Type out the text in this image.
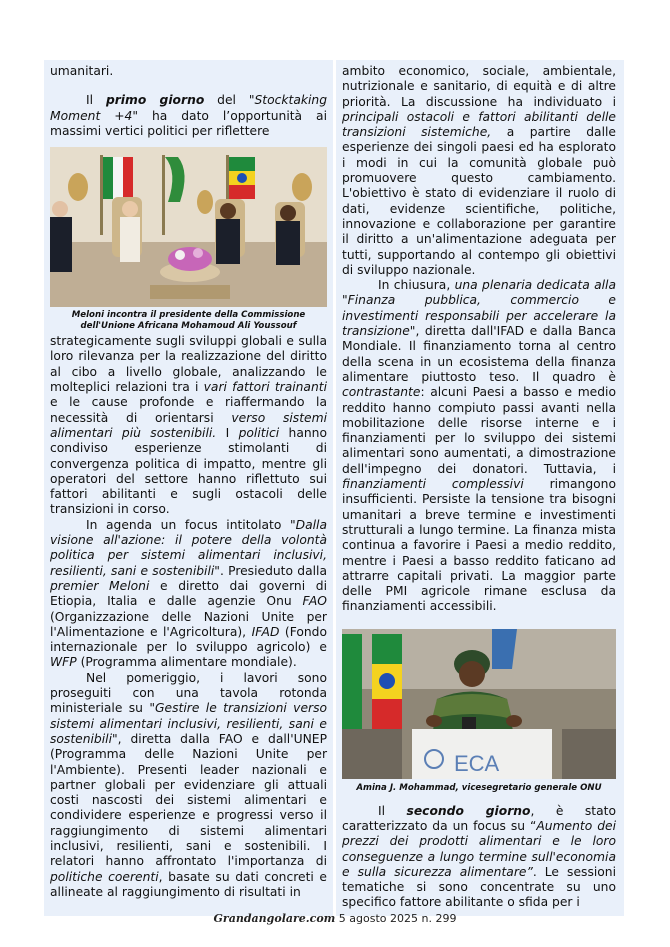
umanitari.

Il primo giorno del "Stocktaking Moment +4" ha dato l’opportunità ai massimi vertici politici per riflettere

Meloni incontra il presidente della Commissione dell'Unione Africana Mohamoud Ali Youssouf

strategicamente sugli sviluppi globali e sulla loro rilevanza per la realizzazione del diritto al cibo a livello globale, analizzando le molteplici relazioni tra i vari fattori trainanti e le cause profonde e riaffermando la necessità di orientarsi verso sistemi alimentari più sostenibili. I politici hanno condiviso esperienze stimolanti di convergenza politica di impatto, mentre gli operatori del settore hanno riflettuto sui fattori abilitanti e sugli ostacoli delle transizioni in corso.

In agenda un focus intitolato "Dalla visione all'azione: il potere della volontà politica per sistemi alimentari inclusivi, resilienti, sani e sostenibili". Presieduto dalla premier Meloni e diretto dai governi di Etiopia, Italia e dalle agenzie Onu FAO (Organizzazione delle Nazioni Unite per l'Alimentazione e l'Agricoltura), IFAD (Fondo internazionale per lo sviluppo agricolo) e WFP (Programma alimentare mondiale).

Nel pomeriggio, i lavori sono proseguiti con una tavola rotonda ministeriale su "Gestire le transizioni verso sistemi alimentari inclusivi, resilienti, sani e sostenibili", diretta dalla FAO e dall'UNEP (Programma delle Nazioni Unite per l'Ambiente). Presenti leader nazionali e partner globali per evidenziare gli attuali costi nascosti dei sistemi alimentari e condividere esperienze e progressi verso il raggiungimento di sistemi alimentari inclusivi, resilienti, sani e sostenibili. I relatori hanno affrontato l'importanza di politiche coerenti, basate su dati concreti e allineate al raggiungimento di risultati in

ambito economico, sociale, ambientale, nutrizionale e sanitario, di equità e di altre priorità. La discussione ha individuato i principali ostacoli e fattori abilitanti delle transizioni sistemiche, a partire dalle esperienze dei singoli paesi ed ha esplorato i modi in cui la comunità globale può promuovere questo cambiamento. L'obiettivo è stato di evidenziare il ruolo di dati, evidenze scientifiche, politiche, innovazione e collaborazione per garantire il diritto a un'alimentazione adeguata per tutti, supportando al contempo gli obiettivi di sviluppo nazionale.

In chiusura, una plenaria dedicata alla "Finanza pubblica, commercio e investimenti responsabili per accelerare la transizione", diretta dall'IFAD e dalla Banca Mondiale. Il finanziamento torna al centro della scena in un ecosistema della finanza alimentare piuttosto teso. Il quadro è contrastante: alcuni Paesi a basso e medio reddito hanno compiuto passi avanti nella mobilitazione delle risorse interne e i finanziamenti per lo sviluppo dei sistemi alimentari sono aumentati, a dimostrazione dell'impegno dei donatori. Tuttavia, i finanziamenti complessivi rimangono insufficienti. Persiste la tensione tra bisogni umanitari a breve termine e investimenti strutturali a lungo termine. La finanza mista continua a favorire i Paesi a medio reddito, mentre i Paesi a basso reddito faticano ad attrarre capitali privati. La maggior parte delle PMI agricole rimane esclusa da finanziamenti accessibili.

ECA
Amina J. Mohammad, vicesegretario generale ONU

Il secondo giorno, è stato caratterizzato da un focus su “Aumento dei prezzi dei prodotti alimentari e le loro conseguenze a lungo termine sull'economia e sulla sicurezza alimentare”. Le sessioni tematiche si sono concentrate su uno specifico fattore abilitante o sfida per i

Grandangolare.com 5 agosto 2025 n. 299
